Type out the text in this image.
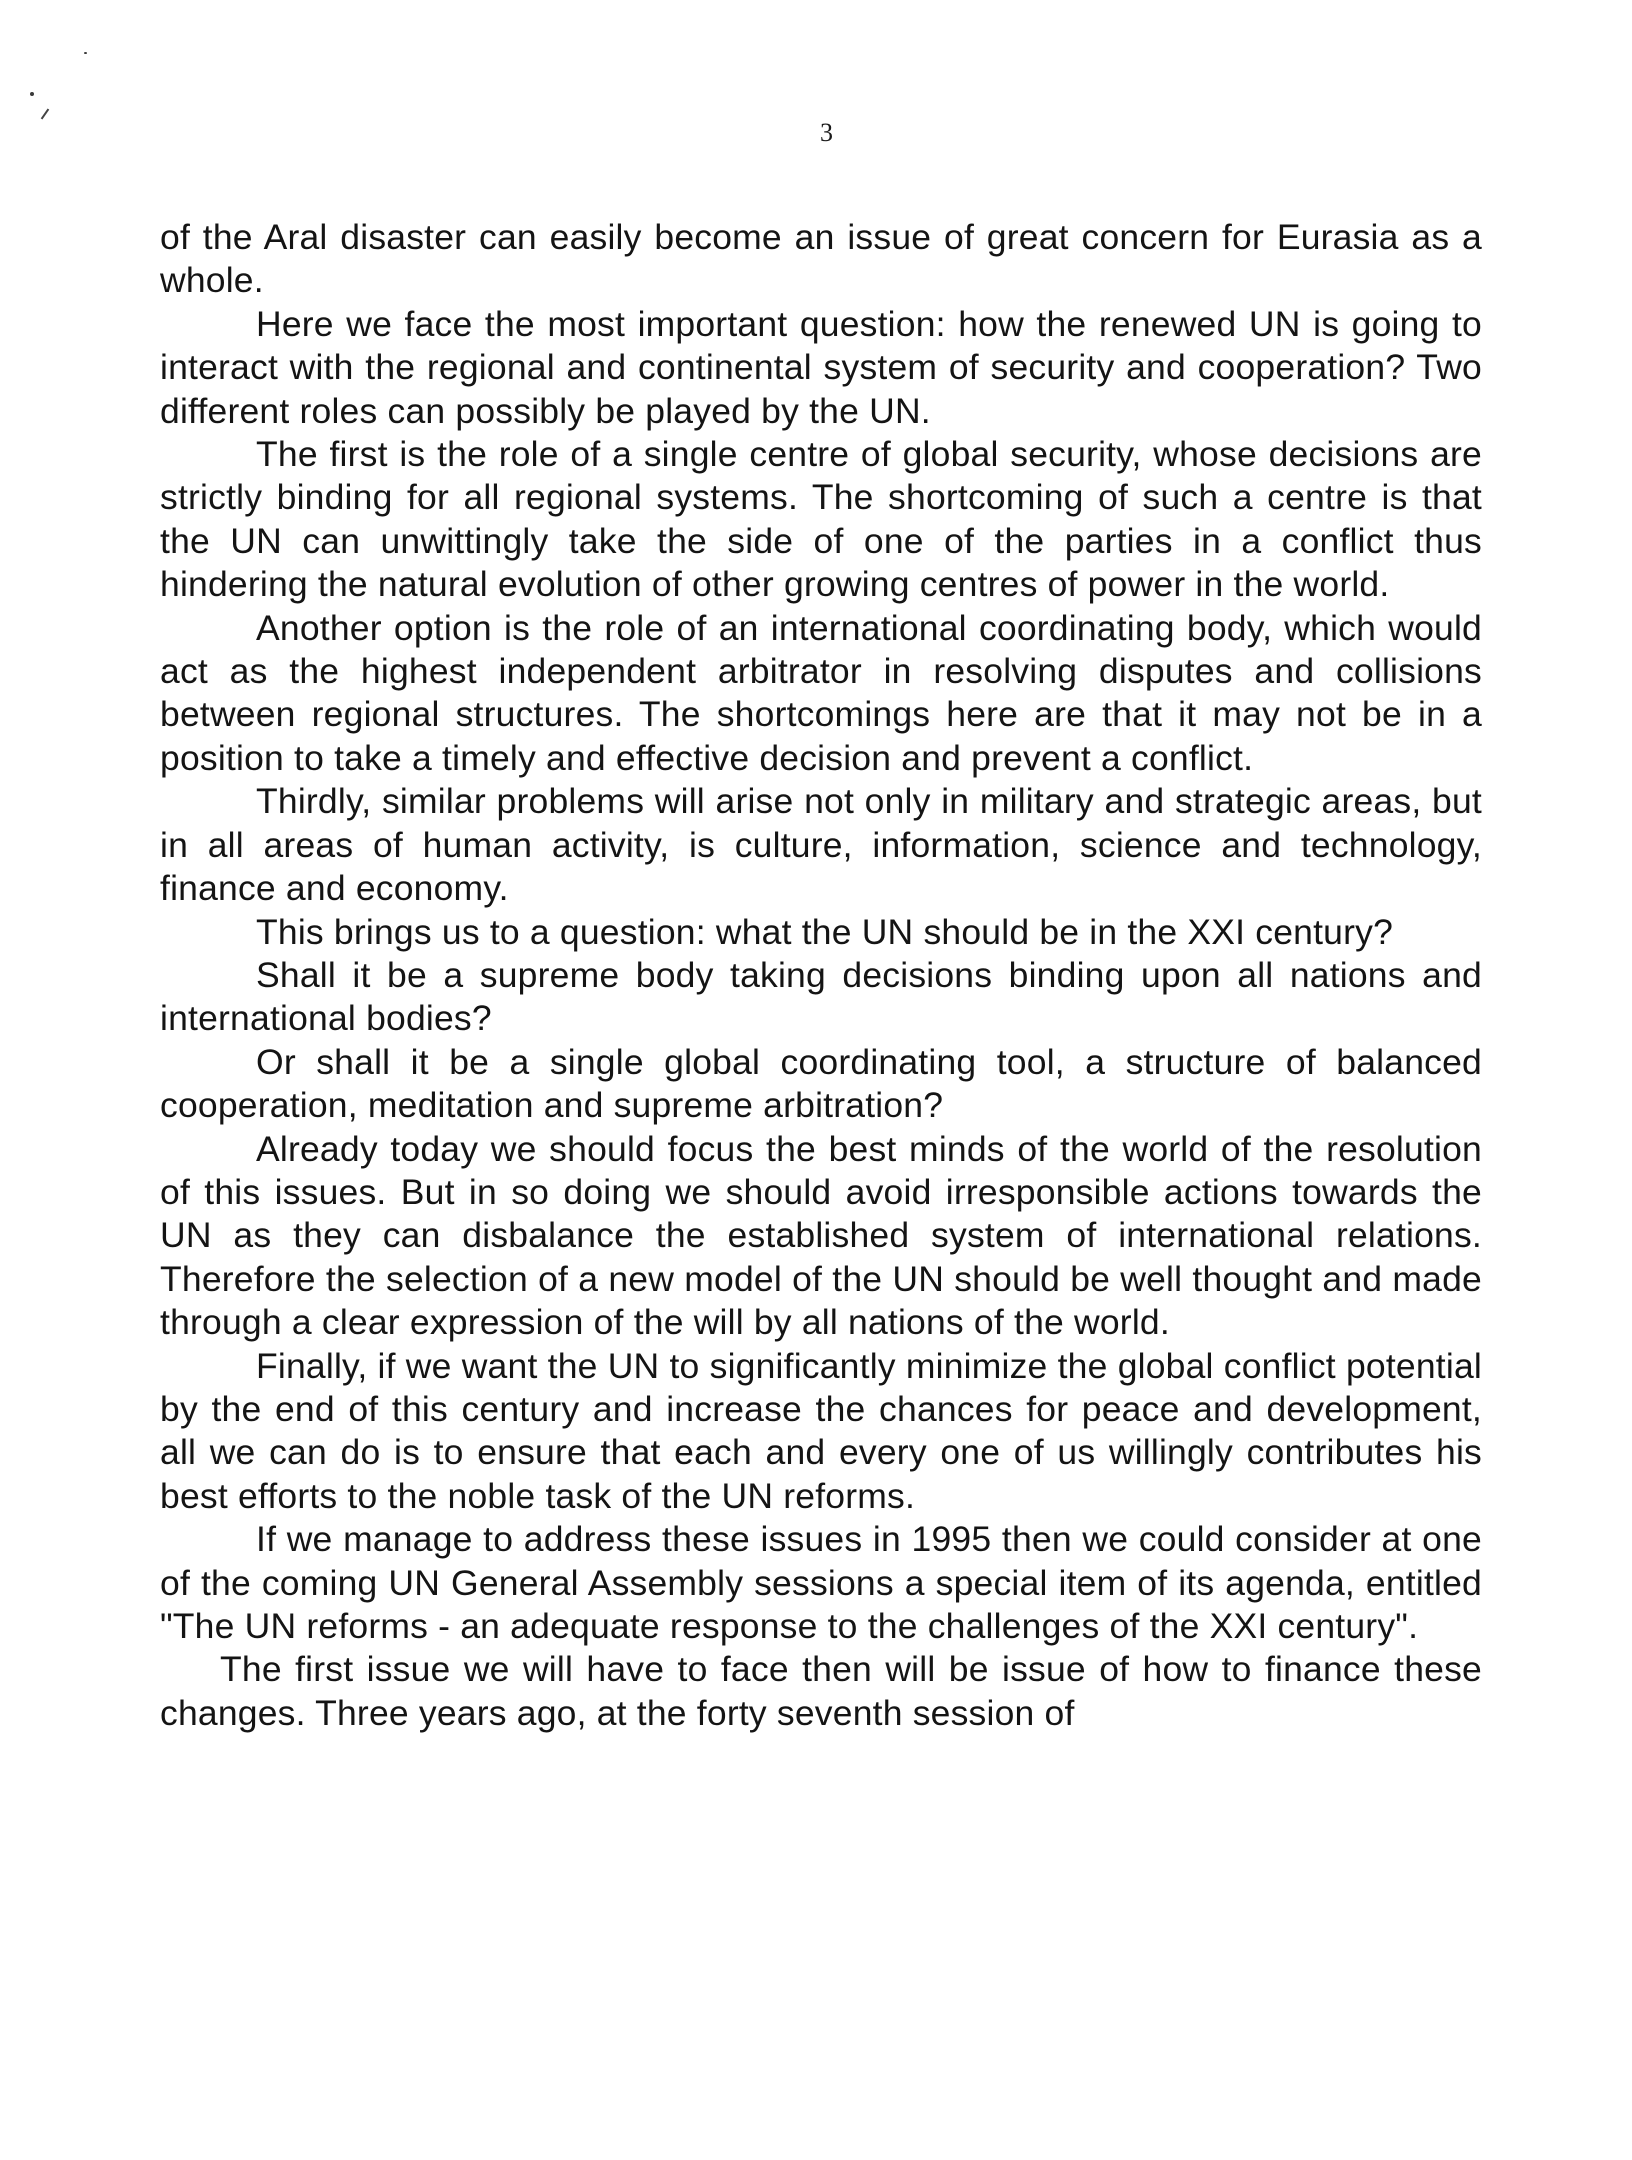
3

of the Aral disaster can easily become an issue of great concern for Eurasia as a whole.

Here we face the most important question: how the renewed UN is going to interact with the regional and continental system of security and cooperation? Two different roles can possibly be played by the UN.

The first is the role of a single centre of global security, whose decisions are strictly binding for all regional systems. The shortcoming of such a centre is that the UN can unwittingly take the side of one of the parties in a conflict thus hindering the natural evolution of other growing centres of power in the world.

Another option is the role of an international coordinating body, which would act as the highest independent arbitrator in resolving disputes and collisions between regional structures. The shortcomings here are that it may not be in a position to take a timely and effective decision and prevent a conflict.

Thirdly, similar problems will arise not only in military and strategic areas, but in all areas of human activity, is culture, information, science and technology, finance and economy.

This brings us to a question: what the UN should be in the XXI century?

Shall it be a supreme body taking decisions binding upon all nations and international bodies?

Or shall it be a single global coordinating tool, a structure of balanced cooperation, meditation and supreme arbitration?

Already today we should focus the best minds of the world of the resolution of this issues. But in so doing we should avoid irresponsible actions towards the UN as they can disbalance the established system of international relations. Therefore the selection of a new model of the UN should be well thought and made through a clear expression of the will by all nations of the world.

Finally, if we want the UN to significantly minimize the global conflict potential by the end of this century and increase the chances for peace and development, all we can do is to ensure that each and every one of us willingly contributes his best efforts to the noble task of the UN reforms.

If we manage to address these issues in 1995 then we could consider at one of the coming UN General Assembly sessions a special item of its agenda, entitled "The UN reforms - an adequate response to the challenges of the XXI century".

The first issue we will have to face then will be issue of how to finance these changes. Three years ago, at the forty seventh session of
